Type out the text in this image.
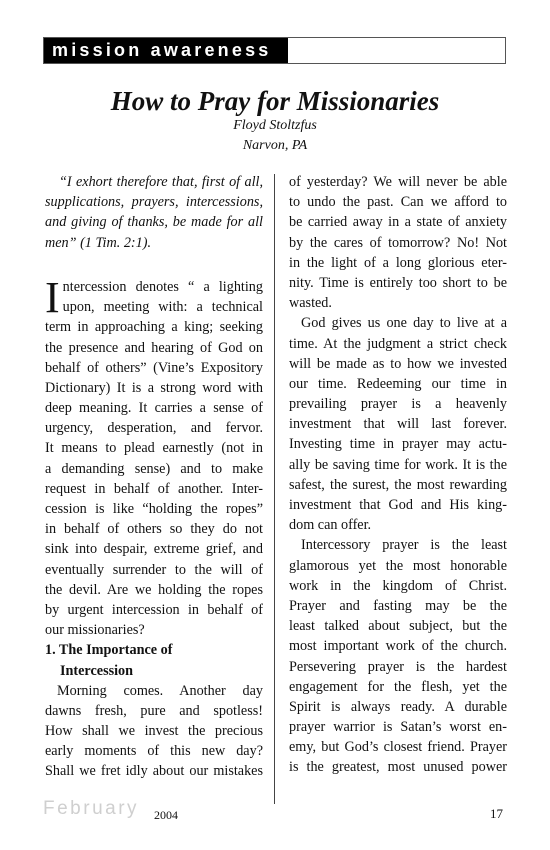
mission awareness
How to Pray for Missionaries
Floyd Stoltzfus
Narvon, PA
“I exhort therefore that, first of all,
supplications, prayers, intercessions,
and giving of thanks, be made for all
men” (1 Tim. 2:1).
I ntercession denotes “ a lighting
upon, meeting with: a technical
term in approaching a king; seeking
the presence and hearing of God on
behalf of others” (Vine’s Expository
Dictionary) It is a strong word with
deep meaning. It carries a sense of
urgency, desperation, and fervor.
It means to plead earnestly (not in
a demanding sense) and to make
request in behalf of another. Inter-
cession is like “holding the ropes”
in behalf of others so they do not
sink into despair, extreme grief, and
eventually surrender to the will of
the devil. Are we holding the ropes
by urgent intercession in behalf of
our missionaries?
1. The Importance of
Intercession
Morning comes. Another day
dawns fresh, pure and spotless!
How shall we invest the precious
early moments of this new day?
Shall we fret idly about our mistakes
of yesterday? We will never be able
to undo the past. Can we afford to
be carried away in a state of anxiety
by the cares of tomorrow? No! Not
in the light of a long glorious eter-
nity. Time is entirely too short to be
wasted.
God gives us one day to live at a
time. At the judgment a strict check
will be made as to how we invested
our time. Redeeming our time in
prevailing prayer is a heavenly
investment that will last forever.
Investing time in prayer may actu-
ally be saving time for work. It is the
safest, the surest, the most rewarding
investment that God and His king-
dom can offer.
Intercessory prayer is the least
glamorous yet the most honorable
work in the kingdom of Christ.
Prayer and fasting may be the
least talked about subject, but the
most important work of the church.
Persevering prayer is the hardest
engagement for the flesh, yet the
Spirit is always ready. A durable
prayer warrior is Satan’s worst en-
emy, but God’s closest friend. Prayer
is the greatest, most unused power
February 2004	17
